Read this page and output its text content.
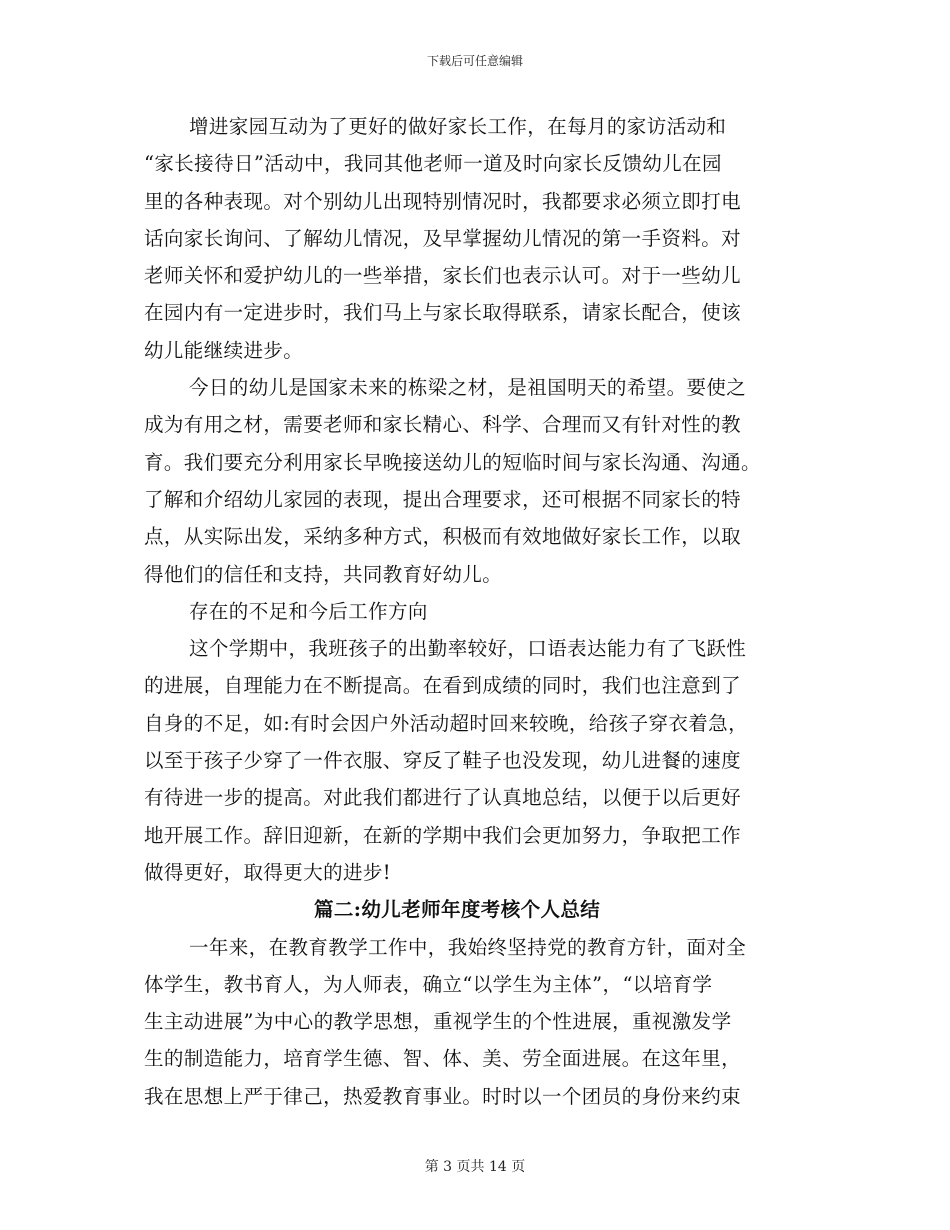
下载后可任意编辑
增进家园互动为了更好的做好家长工作，在每月的家访活动和
“家长接待日”活动中，我同其他老师一道及时向家长反馈幼儿在园
里的各种表现。对个别幼儿出现特别情况时，我都要求必须立即打电
话向家长询问、了解幼儿情况，及早掌握幼儿情况的第一手资料。对
老师关怀和爱护幼儿的一些举措，家长们也表示认可。对于一些幼儿
在园内有一定进步时，我们马上与家长取得联系，请家长配合，使该
幼儿能继续进步。
今日的幼儿是国家未来的栋梁之材，是祖国明天的希望。要使之
成为有用之材，需要老师和家长精心、科学、合理而又有针对性的教
育。我们要充分利用家长早晚接送幼儿的短临时间与家长沟通、沟通。
了解和介绍幼儿家园的表现，提出合理要求，还可根据不同家长的特
点，从实际出发，采纳多种方式，积极而有效地做好家长工作，以取
得他们的信任和支持，共同教育好幼儿。
存在的不足和今后工作方向
这个学期中，我班孩子的出勤率较好，口语表达能力有了飞跃性
的进展，自理能力在不断提高。在看到成绩的同时，我们也注意到了
自身的不足，如:有时会因户外活动超时回来较晚，给孩子穿衣着急，
以至于孩子少穿了一件衣服、穿反了鞋子也没发现，幼儿进餐的速度
有待进一步的提高。对此我们都进行了认真地总结，以便于以后更好
地开展工作。辞旧迎新，在新的学期中我们会更加努力，争取把工作
做得更好，取得更大的进步!
篇二:幼儿老师年度考核个人总结
一年来，在教育教学工作中，我始终坚持党的教育方针，面对全
体学生，教书育人，为人师表，确立“以学生为主体”，“以培育学
生主动进展”为中心的教学思想，重视学生的个性进展，重视激发学
生的制造能力，培育学生德、智、体、美、劳全面进展。在这年里，
我在思想上严于律己，热爱教育事业。时时以一个团员的身份来约束
第 3 页共 14 页
